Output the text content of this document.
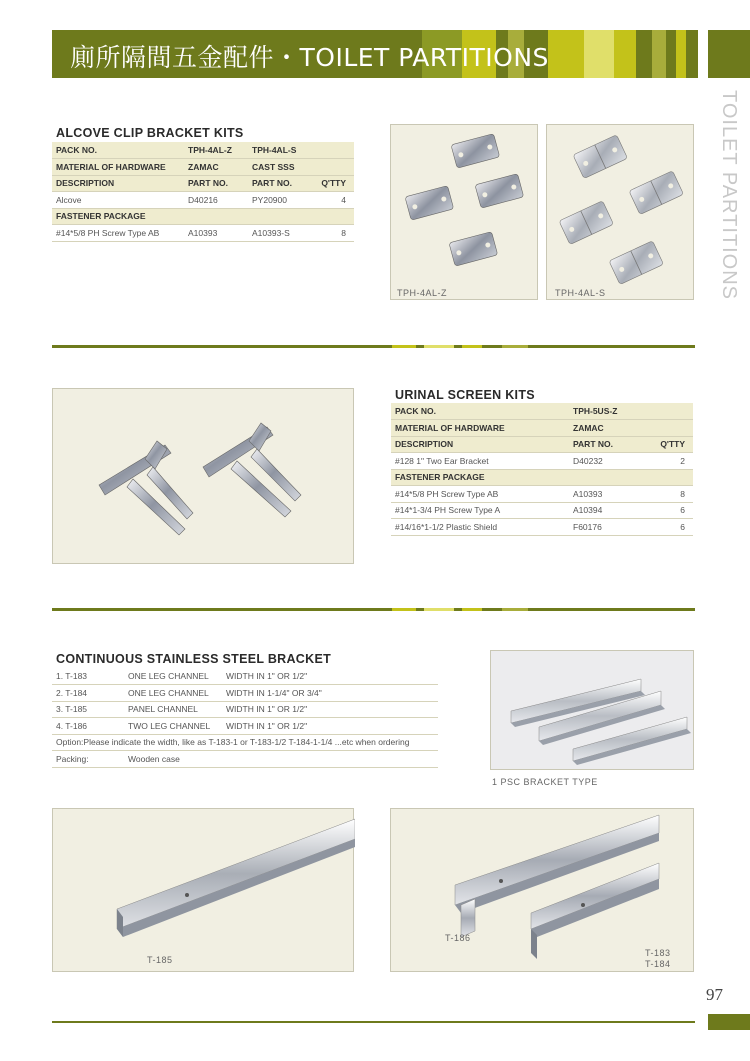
廁所隔間五金配件・TOILET PARTITIONS
TOILET PARTITIONS
ALCOVE CLIP BRACKET KITS
PACK NO.	TPH-4AL-Z	TPH-4AL-S	
MATERIAL OF HARDWARE	ZAMAC	CAST SSS	
DESCRIPTION	PART NO.	PART NO.	Q'TTY
Alcove	D40216	PY20900	4
FASTENER PACKAGE			
#14*5/8 PH Screw Type AB	A10393	A10393-S	8
TPH-4AL-Z	TPH-4AL-S
URINAL SCREEN KITS
PACK NO.	TPH-5US-Z	
MATERIAL OF HARDWARE	ZAMAC	
DESCRIPTION	PART NO.	Q'TTY
#128 1" Two Ear Bracket	D40232	2
FASTENER PACKAGE		
#14*5/8 PH Screw Type AB	A10393	8
#14*1-3/4 PH Screw Type A	A10394	6
#14/16*1-1/2 Plastic Shield	F60176	6
CONTINUOUS STAINLESS STEEL BRACKET
1. T-183	ONE LEG CHANNEL	WIDTH IN 1" OR 1/2"
2. T-184	ONE LEG CHANNEL	WIDTH IN 1-1/4" OR 3/4"
3. T-185	PANEL CHANNEL	WIDTH IN 1" OR 1/2"
4. T-186	TWO LEG CHANNEL	WIDTH IN 1" OR 1/2"
Option:Please indicate the width, like as T-183-1 or T-183-1/2 T-184-1-1/4 ...etc when ordering		
Packing:	Wooden case	
1 PSC BRACKET TYPE
T-185
T-186
T-183
T-184
97
